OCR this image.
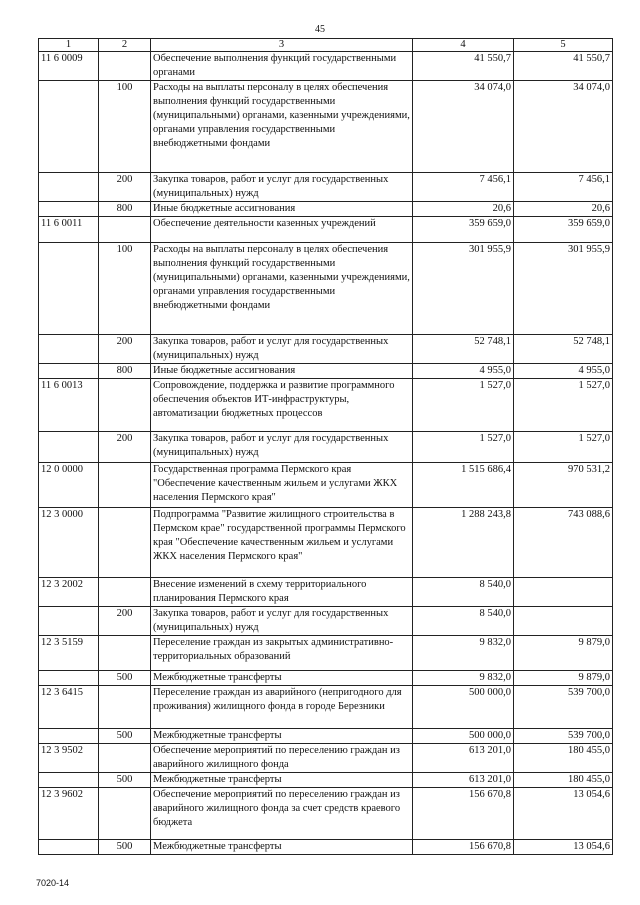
45
1	2	3	4	5
11 6 0009		Обеспечение выполнения функций государственными органами	41 550,7	41 550,7
	100	Расходы на выплаты персоналу в целях обеспечения выполнения функций государственными (муниципальными) органами, казенными учреждениями, органами управления государственными внебюджетными фондами	34 074,0	34 074,0
	200	Закупка товаров, работ и услуг для государственных (муниципальных) нужд	7 456,1	7 456,1
	800	Иные бюджетные ассигнования	20,6	20,6
11 6 0011		Обеспечение деятельности казенных учреждений	359 659,0	359 659,0
	100	Расходы на выплаты персоналу в целях обеспечения выполнения функций государственными (муниципальными) органами, казенными учреждениями, органами управления государственными внебюджетными фондами	301 955,9	301 955,9
	200	Закупка товаров, работ и услуг для государственных (муниципальных) нужд	52 748,1	52 748,1
	800	Иные бюджетные ассигнования	4 955,0	4 955,0
11 6 0013		Сопровождение, поддержка и развитие программного обеспечения объектов ИТ-инфраструктуры, автоматизации бюджетных процессов	1 527,0	1 527,0
	200	Закупка товаров, работ и услуг для государственных (муниципальных) нужд	1 527,0	1 527,0
12 0 0000		Государственная программа Пермского края "Обеспечение качественным жильем и услугами ЖКХ населения Пермского края"	1 515 686,4	970 531,2
12 3 0000		Подпрограмма "Развитие жилищного строительства в Пермском крае" государственной программы Пермского края "Обеспечение качественным жильем и услугами ЖКХ населения Пермского края"	1 288 243,8	743 088,6
12 3 2002		Внесение изменений в схему территориального планирования Пермского края	8 540,0	
	200	Закупка товаров, работ и услуг для государственных (муниципальных) нужд	8 540,0	
12 3 5159		Переселение граждан из закрытых административно-территориальных образований	9 832,0	9 879,0
	500	Межбюджетные трансферты	9 832,0	9 879,0
12 3 6415		Переселение граждан из аварийного (непригодного для проживания) жилищного фонда в городе Березники	500 000,0	539 700,0
	500	Межбюджетные трансферты	500 000,0	539 700,0
12 3 9502		Обеспечение мероприятий по переселению граждан из аварийного жилищного фонда	613 201,0	180 455,0
	500	Межбюджетные трансферты	613 201,0	180 455,0
12 3 9602		Обеспечение мероприятий по переселению граждан из аварийного жилищного фонда за счет средств краевого бюджета	156 670,8	13 054,6
	500	Межбюджетные трансферты	156 670,8	13 054,6
7020-14
